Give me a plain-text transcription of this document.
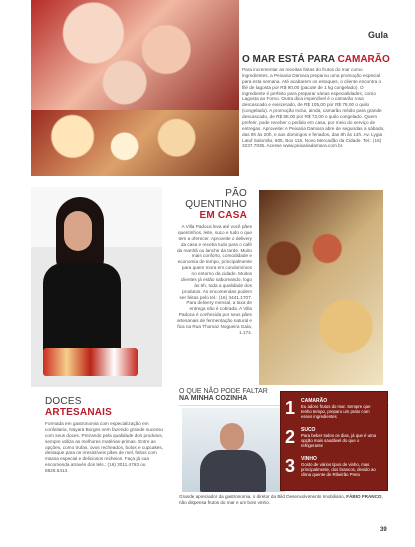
Gula
O MAR ESTÁ PARA CAMARÃO
Para incrementar as receitas feitas do frutos do mar como ingredientes, a Peixaria Damara preparou uma promoção especial para esta semana. Até acabarem os estoques, o cliente encontra o filé de lagosta por R$ 90,00 (pacote de 1 kg congelado). O ingrediente é perfeito para preparar várias especialidades, como Lagosta ao Forno. Outra dica imperdível é o camarão rosa descascado e eviscerado, de R$ 105,00 por R$ 78,00 o quilo (congelado). A promoção inclui, ainda, camarão médio para grande descascado, de R$ 88,00 por R$ 72,00 o quilo congelado. Quem preferir, pode receber o pedido em casa, por meio do serviço de entregas. Aproveite! A Peixaria Damara abre de segundas a sábado, das 8h às 20h, e aos domingos e feriados, das 8h às 14h. Av. Lygia Latuf Salomão, 605, Box 116, Novo Mercadão da Cidade. Tel.: (16) 3237.7835. Acesse www.peixariadamara.com.br.
PÃO
QUENTINHO
EM CASA
A Villa Padoca leva até você pães quentinhos, leite, suco e tudo o que tem a oferecer. Aproveite o delivery da casa e receba tudo para o café da manhã ou lanche da tarde. Muito mais conforto, comodidade e economia de tempo, principalmente para quem mora em condomínios no entorno da cidade. Muitos clientes já estão saboreando, logo às 6h, toda a qualidade dos produtos. As encomendas podem ser feitas pelo tel.: (16) 3441.1707. Para delivery mensal, a taxa de entrega não é cobrada. A Villa Padoca é conhecida por seus pães artesanais de fermentação natural e fica na Rua Thomaz Nogueira Gaia, 1.174.
DOCES
ARTESANAIS
Formada em gastronomia com especialização em confeitaria, Nayara Borges vem fazendo grande sucesso com seus doces. Prezando pela qualidade dos produtos, sempre utiliza as melhores matérias-primas. Entre as opções, como trufas, ovos recheados, bolos e cupcakes, destaque para os irresistíveis pães de mel, feitos com massa especial e deliciosos recheios. Faça já sua encomenda através dos tels.: (16) 3011.4763 ou 8826.5413.
O QUE NÃO PODE FALTAR
NA MINHA COZINHA	1 CAMARÃO
Eu adoro frutos do mar. Sempre que tenho tempo, preparo um prato com esses ingredientes
2 SUCO
Para beber todos os dias, já que é uma opção mais saudável do que o refrigerante
3 VINHO
Gosto de vários tipos de vinho, mas principalmente, dos brancos, devido ao clima quente de Ribeirão Preto
Grande apreciador da gastronomia, o diretor da Bild Desenvolvimento Imobiliário, FÁBIO FRANCO, não dispensa frutos do mar e um bom vinho.
39
